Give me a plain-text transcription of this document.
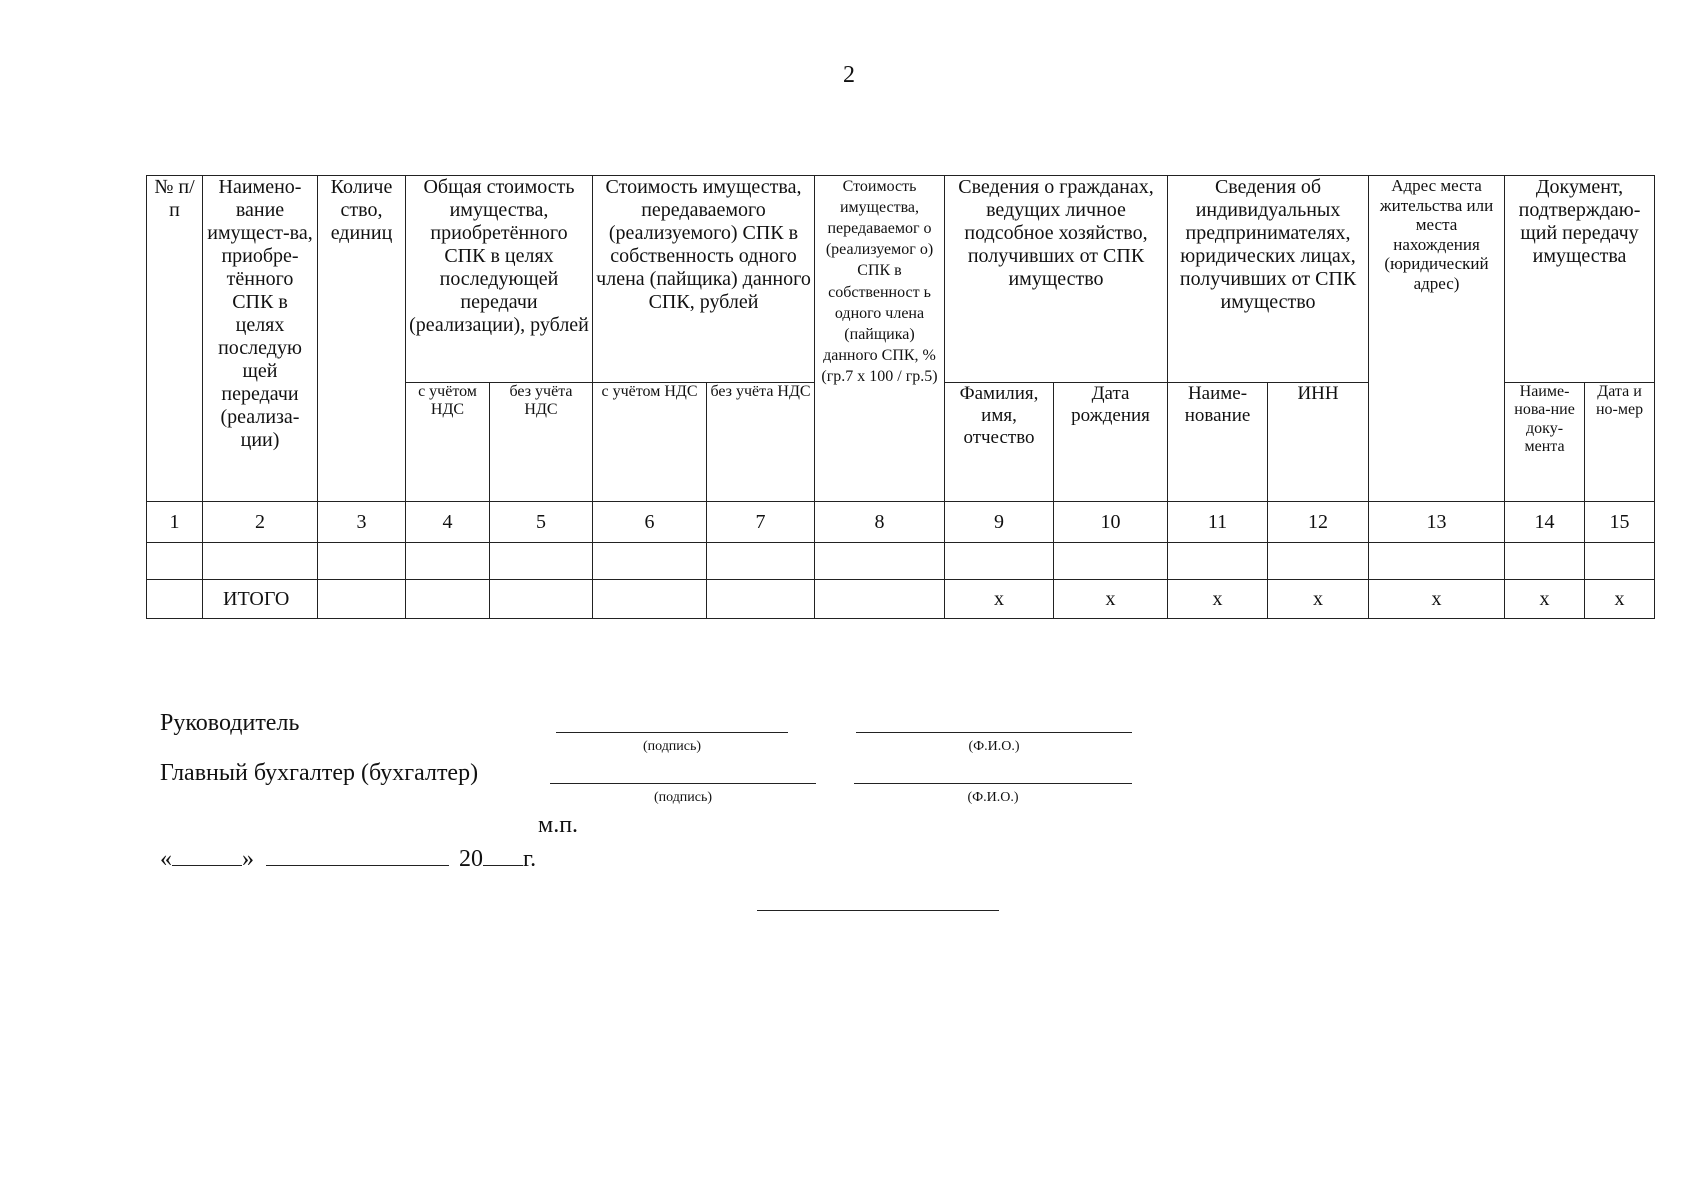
2
№ п/п	Наимено-вание имущест-ва, приобре-тённого СПК в целях последую щей передачи (реализа-ции)	Количе ство, единиц	Общая стоимость имущества, приобретённого СПК в целях последующей передачи (реализации), рублей		Стоимость имущества, передаваемого (реализуемого) СПК в собственность одного члена (пайщика) данного СПК, рублей		Стоимость имущества, передаваемог о (реализуемог о) СПК в собственност ь одного члена (пайщика) данного СПК, % (гр.7 х 100 / гр.5)	Сведения о гражданах, ведущих личное подсобное хозяйство, получивших от СПК имущество		Сведения об индивидуальных предпринимателях, юридических лицах, получивших от СПК имущество		Адрес места жительства или места нахождения (юридический адрес)	Документ, подтверждаю-щий передачу имущества	
			с учётом НДС	без учёта НДС	с учётом НДС	без учёта НДС		Фамилия, имя, отчество	Дата рождения	Наиме-нование	ИНН		Наиме-нова-ние доку-мента	Дата и но-мер
1	2	3	4	5	6	7	8	9	10	11	12	13	14	15

	ИТОГО							х	х	х	х	х	х	х
Руководитель
(подпись)	(Ф.И.О.)
Главный бухгалтер (бухгалтер)
(подпись)	(Ф.И.О.)
м.п.
«	»	20 г.
